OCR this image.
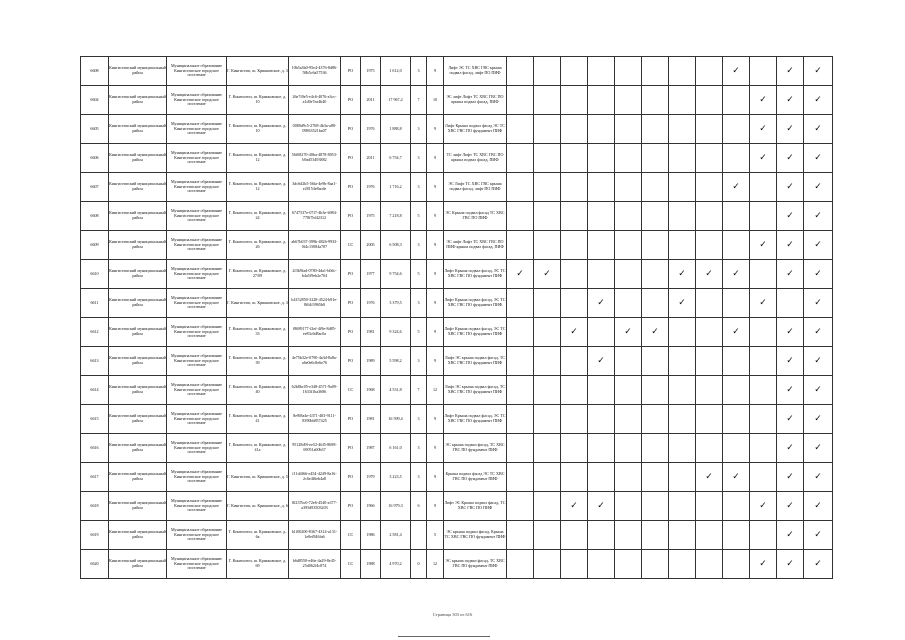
6608	Кингисеппский муниципальный район	Муниципальное образование Кингисеппское городское поселение	Г. Кингисепп, ш. Крикковское, д. 3	10b5a3b0-95e4-4376-8d86-58b5c6a57536	РО	1975	1 612,0	3	9	Лифт ЭС ТС ХВС ГВС крыша подвал фасад, лифт ПО ПИФ									✓		✓	✓
6604	Кингисеппский муниципальный район	Муниципальное образование Кингисеппское городское поселение	Г. Кингисепп, ш. Крикковское, д. 10	26e7f0e5-e4c6-4076-a3cc-a1d0e7ea4b40	РО	2011	17 967,2	7	10	ЭС лифт Лифт ТС ХВС ГВС ПО крыша подвал фасад, ПИФ										✓	✓	✓
6605	Кингисеппский муниципальный район	Муниципальное образование Кингисеппское городское поселение	Г. Кингисепп, ш. Крикковское, д. 10	0080d9c5-2768-4b3a-a88-09863521ba07	РО	1976	1 888,8	3	9	Лифт Крыша подвал фасад ЭС ТС ХВС ГВС ПО фундамент ПИФ										✓	✓	✓
6606	Кингисеппский муниципальный район	Муниципальное образование Кингисеппское городское поселение	Г. Кингисепп, ш. Крикковское, д. 12	56f68270-40ba-4878-8053-b9ad53493882	РО	2011	6 754,7	3	9	ТС лифт Лифт ТС ХВС ГВС ПО крыша подвал фасад, ПИФ										✓	✓	✓
6607	Кингисеппский муниципальный район	Муниципальное образование Кингисеппское городское поселение	Г. Кингисепп, ш. Крикковское, д. 12	3dc6d2b5-56fa-4e9b-8aa1-e28154e8acde	РО	1976	1 716,2	3	9	ЭС Лифт ТС ХВС ГВС крыша подвал фасад, лифт ПО ПИФ									✓		✓	✓
6608	Кингисеппский муниципальный район	Муниципальное образование Кингисеппское городское поселение	Г. Кингисепп, ш. Крикковское, д. 24	6747537e-07f7-4b3e-b984-778f7bf42312	РО	1975	7 218,8	5	9	ЭС Крыша подвал фасад ТС ХВС ГВС ПО ПИФ											✓	✓
6609	Кингисеппский муниципальный район	Муниципальное образование Кингисеппское городское поселение	Г. Кингисепп, ш. Крикковское, д. 26	ab67b037-399b-4826-9933-0f4c15084a707	СС	2005	6 508,3	3	9	ЭС лифт Лифт ТС ХВС ГВС ПО ПИФ крыша подвал фасад, ПИФ										✓	✓	✓
6610	Кингисеппский муниципальный район	Муниципальное образование Кингисеппское городское поселение	Г. Кингисепп, ш. Крикковское, д. 27/09	2f3b9fad-0780-4da1-b0dc-b4a5f9eb2e704	РО	1977	9 754,6	5	9	Лифт Крыша подвал фасад, ЭС ТС ХВС ГВС ПО фундамент ПИФ	✓	✓					✓	✓	✓		✓	✓
6611	Кингисеппский муниципальный район	Муниципальное образование Кингисеппское городское поселение	Г. Кингисепп, ш. Крикковское, д. 3	b4152850-3228-4524-b91e-8f64f3965b0	РО	1976	3 379,5	3	9	Лифт Крыша подвал фасад, ЭС ТС ХВС ГВС ПО фундамент ПИФ				✓			✓			✓		✓
6612	Кингисеппский муниципальный район	Муниципальное образование Кингисеппское городское поселение	Г. Кингисепп, ш. Крикковское, д. 33	f8689177-f2ef-4f9e-8d85-ee83c6d8ac0a	РО	1981	9 324,6	5	9	Лифт Крыша подвал фасад, ЭС ТС ХВС ГВС ПО фундамент ПИФ			✓		✓	✓			✓		✓	✓
6613	Кингисеппский муниципальный район	Муниципальное образование Кингисеппское городское поселение	Г. Кингисепп, ш. Крикковское, д. 39	4e75b32e-0790-4a3d-8a8a-a6e0e6c8e6e76	РО	1989	5 598,2	3	9	Лифт ЭС крыша подвал фасад, ТС ХВС ГВС ПО фундамент ПИФ				✓							✓	✓
6614	Кингисеппский муниципальный район	Муниципальное образование Кингисеппское городское поселение	Г. Кингисепп, ш. Крикковское, д. 40	62b8bc05-e348-4571-9a09-1633f1ba3686	СС	1968	4 531,8	7	12	Лифт ЭС крыша подвал фасад, ТС ХВС ГВС ПО фундамент ПИФ											✓	✓
6615	Кингисеппский муниципальный район	Муниципальное образование Кингисеппское городское поселение	Г. Кингисепп, ш. Крикковское, д. 41	8e9f8a4e-4371-403-9111-8390bb857425	РО	1981	16 599,4	3	9	Лифт Крыша подвал фасад, ЭС ТС ХВС ГВС ПО фундамент ПИФ											✓	✓
6616	Кингисеппский муниципальный район	Муниципальное образование Кингисеппское городское поселение	Г. Кингисепп, ш. Крикковское, д. 41а	95128d9f-ee52-46f5-8698-69051a00b37	РО	1987	6 161,0	3	9	ЭС крыша подвал фасад, ТС ХВС ГВС ПО фундамент ПИФ											✓	✓
6617	Кингисеппский муниципальный район	Муниципальное образование Кингисеппское городское поселение	Г. Кингисепп, ш. Крикковское, д. 5	f11d4f66-e454-4249-8a16-2c6e4f6eb4a8	РО	1979	3 223,5	3	9	Крыша подвал фасад ЭС ТС ХВС ГВС ПО фундамент ПИФ								✓	✓		✓	✓
6618	Кингисеппский муниципальный район	Муниципальное образование Кингисеппское городское поселение	Г. Кингисепп, ш. Крикковское, д. 6	8f237bc0-72e6-4540-a377-a395d93503203	РО	1966	16 979,3	6	9	Лифт ЭС Крыша подвал фасад, ТС ХВС ГВС ПО ПИФ			✓	✓						✓	✓	✓
6619	Кингисеппский муниципальный район	Муниципальное образование Кингисеппское городское поселение	Г. Кингисепп, ш. Крикковское, д. 6а	b1f00200-8367-4314-a131-1e0ef846fa6	СС	1986	2 581,4		5	ЭС крыша подвал фасад, Крыша ТС ХВС ГВС ПО фундамент ПИФ											✓	✓
6620	Кингисеппский муниципальный район	Муниципальное образование Кингисеппское городское поселение	Г. Кингисепп, ш. Крикковское, д. 69	b6d8550-e46e-4a29-8e45-25d062f4c874	СС	1988	4 970,2	0	12	ЭС крыша подвал фасад, ТС ХВС ГВС ПО фундамент ПИФ										✓	✓	✓
Страница 303 из 616
